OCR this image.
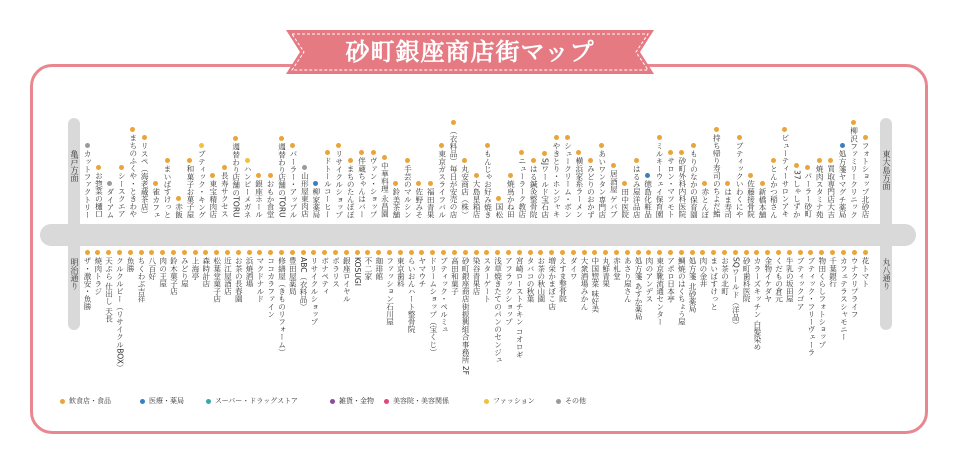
砂町銀座商店街マップ
亀戸方面
明治通り
東大島方面
丸八通り
カットファクトリー お惣菜の樋口 ダイアム シースクエア まちのふくや・ときわや リスペ（海老蔵茶店） 雀カフェ まいばすけっと 赤飯 和菓子お菓子屋 ブティック・キング 東宝精肉店 長寿サクセス 週替わり店舗のTORU ハンピーメガネ 銀座ホール おもか食堂 週替わり店舗のTORU パーラー・アップル 山形屋東肉店 柳家薬局 ドトールコーヒー リサイクルショップ まちのたんぽぽ 伴蔵ちゃんはバー ヴァン・ショップ 中華料理 永昌園 鈴美茶舗 手芸のマルシン 佐野みそ 福田青果 東京ガスライフバル （衣料品）毎日が安売の店 丸安商店（株） 大島星箱店 もんじゃお好み焼き 国松 焼鳥かね田 ニューラーク教店 はる鍼灸整骨院 SJワールド宝石店 やきとり・ホンジャキ シュークリーム・ボン 横浜家系ラーメン みどりのおかず あいワンタン専門店 居酒屋 ゲバブ 田中医院 はるみ屋洋品店 徳島化粧品 ミルキーウェイ保育園 サロン・マツモト 砂町外科内科医院 もりのなかの保育園 赤とんぼ 持ち帰り寿司のちよだ鮨 はま寿司 ブティックいわくにや 佐藤接骨院 新橋本舗 とんかつ稲さん ビューティーサロンアキ 37しゃしずか パーラー砂町 焼肉スタミナ苑 買取専門店大吉 処方箋ヤマグチ薬局 柳沢ファミリークリニック フォトショップ北砂店
ザ・激安・魚勝 焼肉トラジ 天ぷら 仕出し 天長 クルクルピー（リサイクルBOX） 魚勝 ちくわぶ吉祥 八百好 肉の王屋 鈴木菓子店 みどり屋 上海亭 森時計店 松葉堂菓子店 近江屋酒店 お茶の長春園 浜焼酒場 マクドナルド ココカラファイン 修繕屋（きものリフォーム） 豊田屋薬局 ABC（衣料品） リサイクルショップ ボナペティ ポラリス 銀座ロイヤル KOSUGI 不二家 珈琲館 ファッション石川屋 東京歯科 らいおんハート整骨院 ヤマウチ ドリームショップ（宝くじ） ブティック・ペルミュ 高田和菓子 砂町銀座商店街振興組合事務所 2F 染谷青果店 スターゲート 浅草焼きたてのパンのセンジュ アフラックショップ 宮崎ローストチキン コオロギ タバコの秋葉 お茶の秋山園 増栄かまぼこ店 えすま整骨院 ダイワ 大衆酒場みかん 中国惣菜 味好美 丸鮮青果 赤札堂 あさり屋さん 処方箋 あすか薬局 肉のアンデス 東京靴流通センター アポロ日本亭 鯛焼のはくちょう屋 処方箋 北砂薬局 肉の金井 まいばすけっと お茶の北町 SQワールド（洋品） 砂町歯科医院 カラーズキッチン 白髪染め 金物イケダヤ くだもの倉元 牛乳の坂田屋 ブティックゴア ブティック・フリーヴェーラ 物田くらしフォトショップ 千葉銀行 カフェテラスシャモニー ウナクリプライフ 花トマト
飲食店・食品	医療・薬局	スーパー・ドラッグストア	雑貨・金物	美容院・美容関係	ファッション	その他
